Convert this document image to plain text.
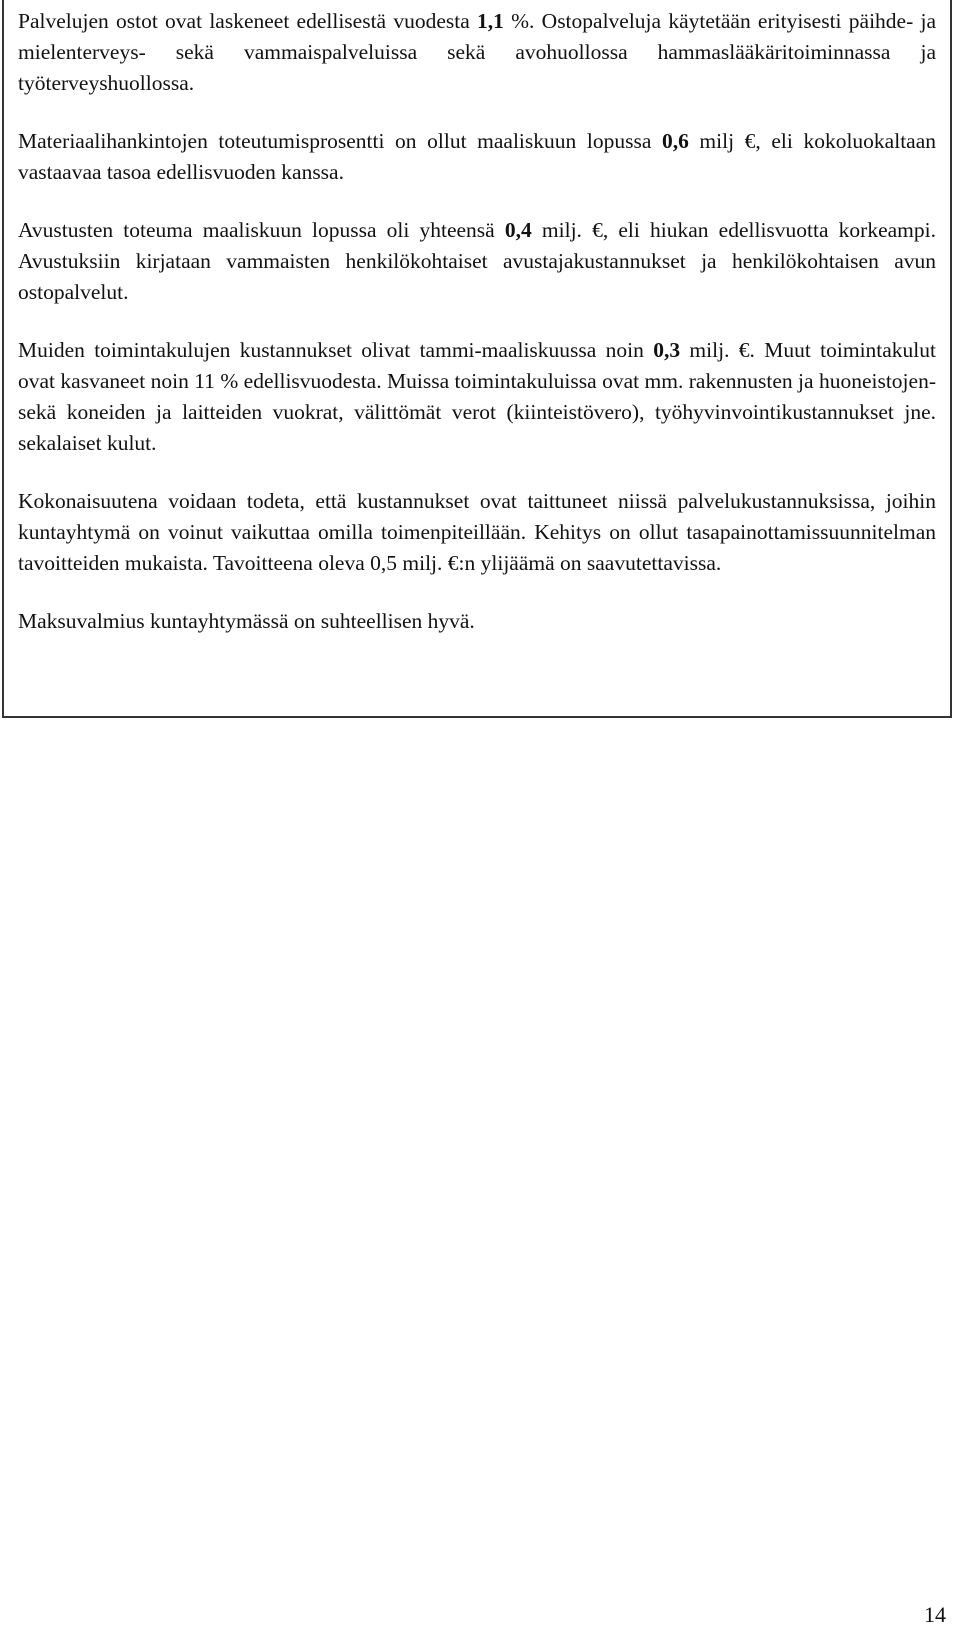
Palvelujen ostot ovat laskeneet edellisestä vuodesta 1,1 %. Ostopalveluja käytetään erityisesti päihde- ja mielenterveys- sekä vammaispalveluissa sekä avohuollossa hammaslääkäritoiminnassa ja työterveyshuollossa.

Materiaalihankintojen toteutumisprosentti on ollut maaliskuun lopussa 0,6 milj €, eli kokoluokaltaan vastaavaa tasoa edellisvuoden kanssa.

Avustusten toteuma maaliskuun lopussa oli yhteensä 0,4 milj. €, eli hiukan edellisvuotta korkeampi. Avustuksiin kirjataan vammaisten henkilökohtaiset avustajakustannukset ja henkilökohtaisen avun ostopalvelut.

Muiden toimintakulujen kustannukset olivat tammi-maaliskuussa noin 0,3 milj. €. Muut toimintakulut ovat kasvaneet noin 11 % edellisvuodesta. Muissa toimintakuluissa ovat mm. rakennusten ja huoneistojen- sekä koneiden ja laitteiden vuokrat, välittömät verot (kiinteistövero), työhyvinvointikustannukset jne. sekalaiset kulut.

Kokonaisuutena voidaan todeta, että kustannukset ovat taittuneet niissä palvelukustannuksissa, joihin kuntayhtymä on voinut vaikuttaa omilla toimenpiteillään. Kehitys on ollut tasapainottamissuunnitelman tavoitteiden mukaista. Tavoitteena oleva 0,5 milj. €:n ylijäämä on saavutettavissa.

Maksuvalmius kuntayhtymässä on suhteellisen hyvä.

14
